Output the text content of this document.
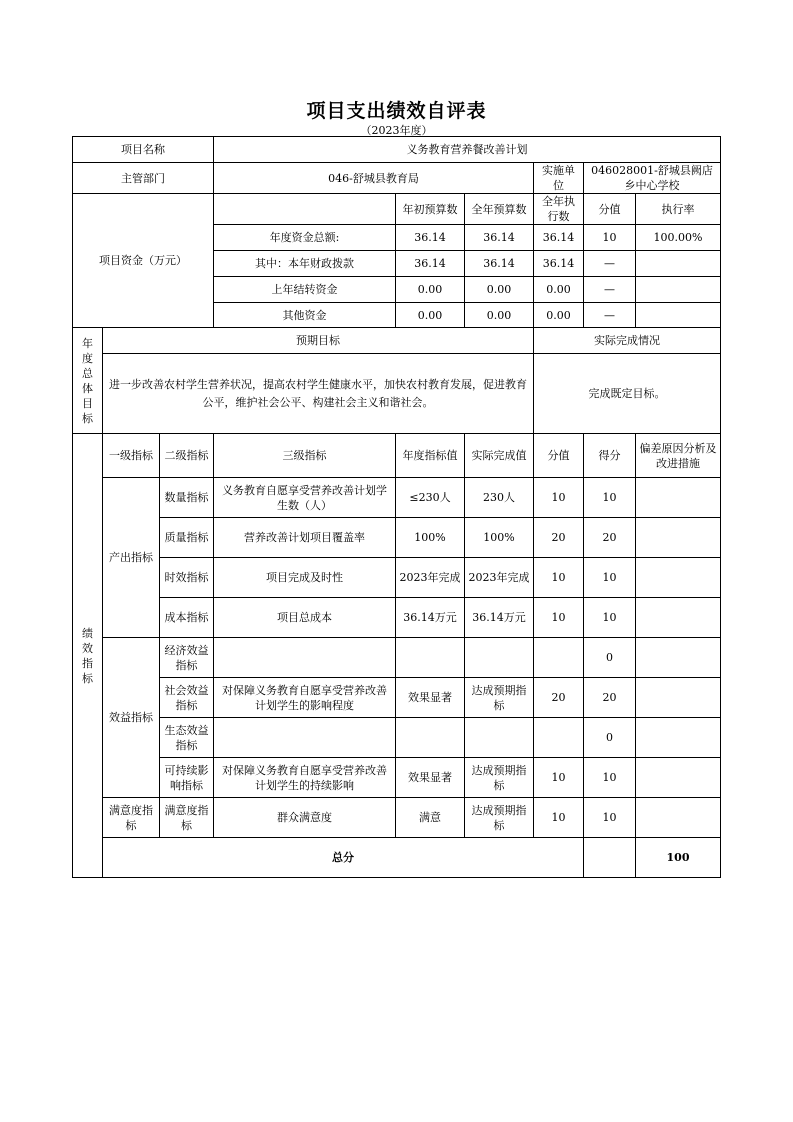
项目支出绩效自评表
（2023年度）
项目名称			义务教育营养餐改善计划						
主管部门			046-舒城县教育局			实施单位	046028001-舒城县阙店乡中心学校		
项目资金（万元）				年初预算数	全年预算数	全年执行数	分值	执行率	
			年度资金总额:	36.14	36.14	36.14	10	100.00%	
			其中：本年财政拨款	36.14	36.14	36.14	—		
			上年结转资金	0.00	0.00	0.00	—		
			其他资金	0.00	0.00	0.00	—		

年度总体目标	预期目标					实际完成情况			
	进一步改善农村学生营养状况，提高农村学生健康水平，加快农村教育发展，促进教育公平，维护社会公平、构建社会主义和谐社会。					完成既定目标。			

绩效指标	一级指标	二级指标	三级指标	年度指标值	实际完成值	分值	得分	偏差原因分析及改进措施	
	产出指标	数量指标	义务教育自愿享受营养改善计划学生数（人）	≤230人	230人	10	10		
		质量指标	营养改善计划项目覆盖率	100%	100%	20	20		
		时效指标	项目完成及时性	2023年完成	2023年完成	10	10		
		成本指标	项目总成本	36.14万元	36.14万元	10	10		
	效益指标	经济效益指标					0		
		社会效益指标	对保障义务教育自愿享受营养改善计划学生的影响程度	效果显著	达成预期指标	20	20		
		生态效益指标					0		
		可持续影响指标	对保障义务教育自愿享受营养改善计划学生的持续影响	效果显著	达成预期指标	10	10		
	满意度指标	满意度指标	群众满意度	满意	达成预期指标	10	10		
	总分							100		
